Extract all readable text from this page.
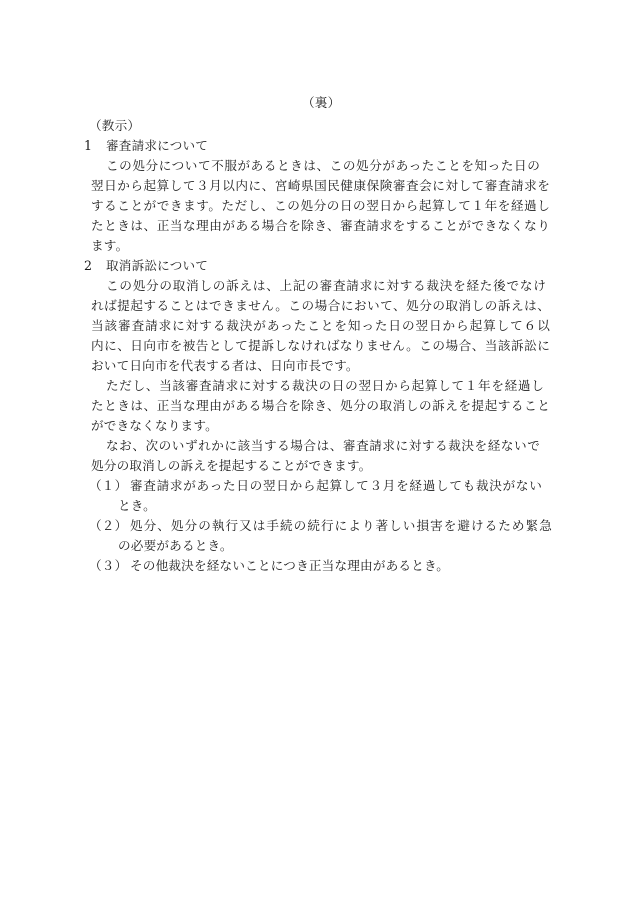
（裏）
（教示）
1 審査請求について
この処分について不服があるときは、この処分があったことを知った日の
翌日から起算して３月以内に、宮崎県国民健康保険審査会に対して審査請求を
することができます。ただし、この処分の日の翌日から起算して１年を経過し
たときは、正当な理由がある場合を除き、審査請求をすることができなくなり
ます。
2 取消訴訟について
この処分の取消しの訴えは、上記の審査請求に対する裁決を経た後でなけ
れば提起することはできません。この場合において、処分の取消しの訴えは、
当該審査請求に対する裁決があったことを知った日の翌日から起算して６以
内に、日向市を被告として提訴しなければなりません。この場合、当該訴訟に
おいて日向市を代表する者は、日向市長です。
ただし、当該審査請求に対する裁決の日の翌日から起算して１年を経過し
たときは、正当な理由がある場合を除き、処分の取消しの訴えを提起すること
ができなくなります。
なお、次のいずれかに該当する場合は、審査請求に対する裁決を経ないで
処分の取消しの訴えを提起することができます。
（１） 審査請求があった日の翌日から起算して３月を経過しても裁決がない
とき。
（２） 処分、処分の執行又は手続の続行により著しい損害を避けるため緊急
の必要があるとき。
（３） その他裁決を経ないことにつき正当な理由があるとき。
